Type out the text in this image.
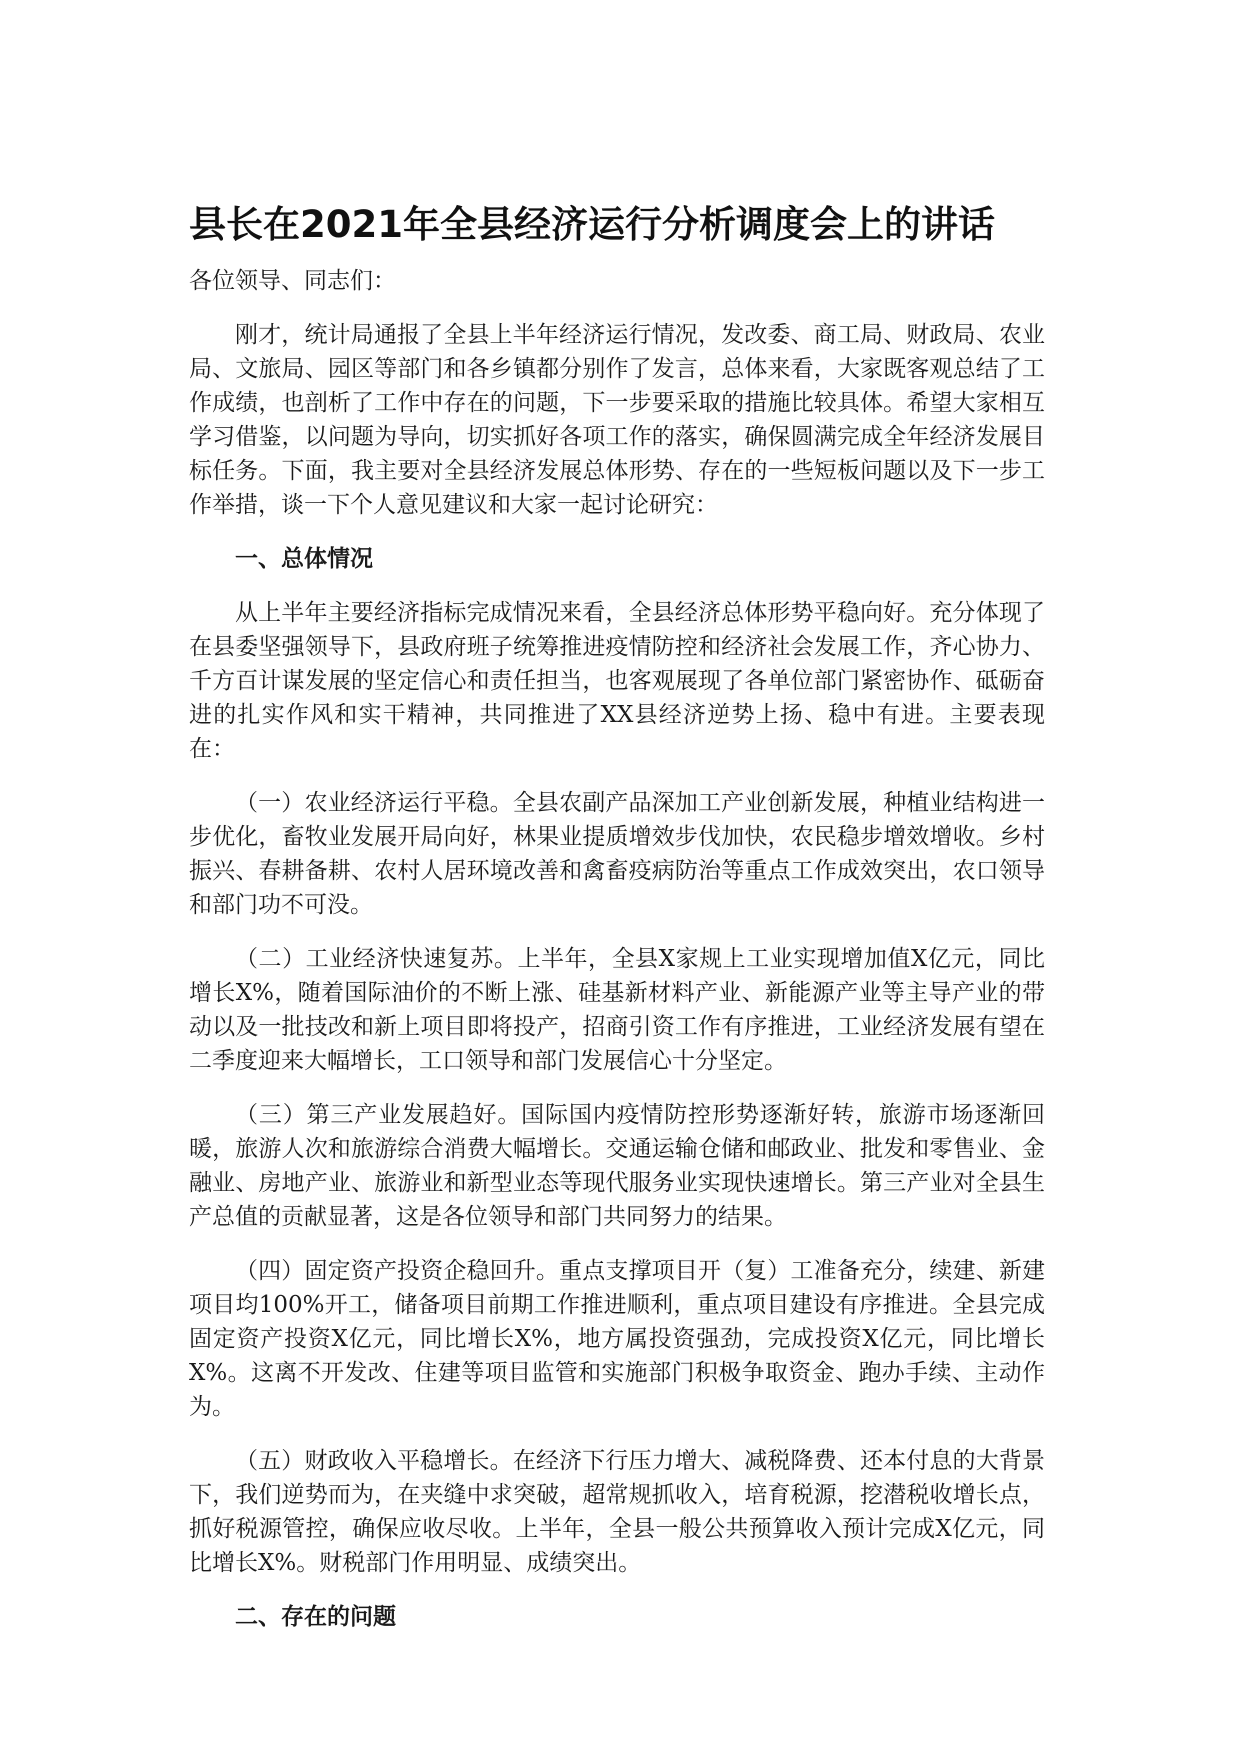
县长在2021年全县经济运行分析调度会上的讲话

各位领导、同志们：

刚才，统计局通报了全县上半年经济运行情况，发改委、商工局、财政局、农业局、文旅局、园区等部门和各乡镇都分别作了发言，总体来看，大家既客观总结了工作成绩，也剖析了工作中存在的问题，下一步要采取的措施比较具体。希望大家相互学习借鉴，以问题为导向，切实抓好各项工作的落实，确保圆满完成全年经济发展目标任务。下面，我主要对全县经济发展总体形势、存在的一些短板问题以及下一步工作举措，谈一下个人意见建议和大家一起讨论研究：

一、总体情况

从上半年主要经济指标完成情况来看，全县经济总体形势平稳向好。充分体现了在县委坚强领导下，县政府班子统筹推进疫情防控和经济社会发展工作，齐心协力、千方百计谋发展的坚定信心和责任担当，也客观展现了各单位部门紧密协作、砥砺奋进的扎实作风和实干精神，共同推进了XX县经济逆势上扬、稳中有进。主要表现在：

（一）农业经济运行平稳。全县农副产品深加工产业创新发展，种植业结构进一步优化，畜牧业发展开局向好，林果业提质增效步伐加快，农民稳步增效增收。乡村振兴、春耕备耕、农村人居环境改善和禽畜疫病防治等重点工作成效突出，农口领导和部门功不可没。

（二）工业经济快速复苏。上半年，全县X家规上工业实现增加值X亿元，同比增长X%，随着国际油价的不断上涨、硅基新材料产业、新能源产业等主导产业的带动以及一批技改和新上项目即将投产，招商引资工作有序推进，工业经济发展有望在二季度迎来大幅增长，工口领导和部门发展信心十分坚定。

（三）第三产业发展趋好。国际国内疫情防控形势逐渐好转，旅游市场逐渐回暖，旅游人次和旅游综合消费大幅增长。交通运输仓储和邮政业、批发和零售业、金融业、房地产业、旅游业和新型业态等现代服务业实现快速增长。第三产业对全县生产总值的贡献显著，这是各位领导和部门共同努力的结果。

（四）固定资产投资企稳回升。重点支撑项目开（复）工准备充分，续建、新建项目均100%开工，储备项目前期工作推进顺利，重点项目建设有序推进。全县完成固定资产投资X亿元，同比增长X%，地方属投资强劲，完成投资X亿元，同比增长X%。这离不开发改、住建等项目监管和实施部门积极争取资金、跑办手续、主动作为。

（五）财政收入平稳增长。在经济下行压力增大、减税降费、还本付息的大背景下，我们逆势而为，在夹缝中求突破，超常规抓收入，培育税源，挖潜税收增长点，抓好税源管控，确保应收尽收。上半年，全县一般公共预算收入预计完成X亿元，同比增长X%。财税部门作用明显、成绩突出。

二、存在的问题
